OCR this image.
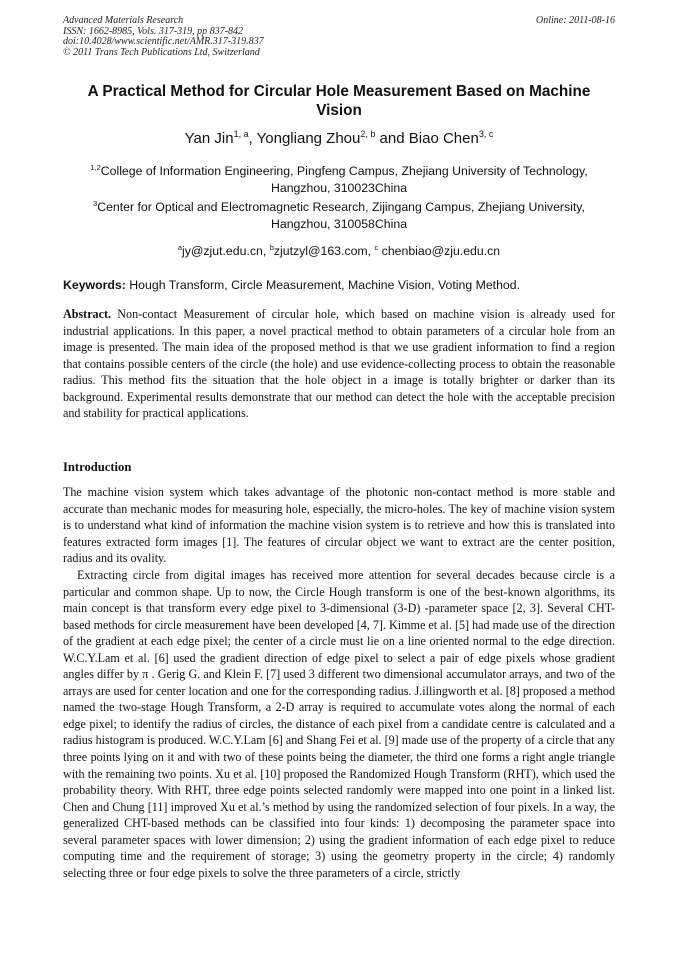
Advanced Materials Research
ISSN: 1662-8985, Vols. 317-319, pp 837-842
doi:10.4028/www.scientific.net/AMR.317-319.837
© 2011 Trans Tech Publications Ltd, Switzerland
Online: 2011-08-16
A Practical Method for Circular Hole Measurement Based on Machine Vision
Yan Jin$^{1, a}$, Yongliang Zhou$^{2, b}$ and Biao Chen$^{3, c}$
$^{1,2}$College of Information Engineering, Pingfeng Campus, Zhejiang University of Technology, Hangzhou, 310023China
$^3$Center for Optical and Electromagnetic Research, Zijingang Campus, Zhejiang University, Hangzhou, 310058China
$^a$jy@zjut.edu.cn, $^b$zjutzyl@163.com, $^c$ chenbiao@zju.edu.cn
Keywords: Hough Transform, Circle Measurement, Machine Vision, Voting Method.
Abstract. Non-contact Measurement of circular hole, which based on machine vision is already used for industrial applications. In this paper, a novel practical method to obtain parameters of a circular hole from an image is presented. The main idea of the proposed method is that we use gradient information to find a region that contains possible centers of the circle (the hole) and use evidence-collecting process to obtain the reasonable radius. This method fits the situation that the hole object in a image is totally brighter or darker than its background. Experimental results demonstrate that our method can detect the hole with the acceptable precision and stability for practical applications.
Introduction
The machine vision system which takes advantage of the photonic non-contact method is more stable and accurate than mechanic modes for measuring hole, especially, the micro-holes. The key of machine vision system is to understand what kind of information the machine vision system is to retrieve and how this is translated into features extracted form images [1]. The features of circular object we want to extract are the center position, radius and its ovality.
Extracting circle from digital images has received more attention for several decades because circle is a particular and common shape. Up to now, the Circle Hough transform is one of the best-known algorithms, its main concept is that transform every edge pixel to 3-dimensional (3-D) -parameter space [2, 3]. Several CHT-based methods for circle measurement have been developed [4, 7]. Kimme et al. [5] had made use of the direction of the gradient at each edge pixel; the center of a circle must lie on a line oriented normal to the edge direction. W.C.Y.Lam et al. [6] used the gradient direction of edge pixel to select a pair of edge pixels whose gradient angles differ by π . Gerig G. and Klein F. [7] used 3 different two dimensional accumulator arrays, and two of the arrays are used for center location and one for the corresponding radius. J.illingworth et al. [8] proposed a method named the two-stage Hough Transform, a 2-D array is required to accumulate votes along the normal of each edge pixel; to identify the radius of circles, the distance of each pixel from a candidate centre is calculated and a radius histogram is produced. W.C.Y.Lam [6] and Shang Fei et al. [9] made use of the property of a circle that any three points lying on it and with two of these points being the diameter, the third one forms a right angle triangle with the remaining two points. Xu et al. [10] proposed the Randomized Hough Transform (RHT), which used the probability theory. With RHT, three edge points selected randomly were mapped into one point in a linked list. Chen and Chung [11] improved Xu et al.’s method by using the randomized selection of four pixels. In a way, the generalized CHT-based methods can be classified into four kinds: 1) decomposing the parameter space into several parameter spaces with lower dimension; 2) using the gradient information of each edge pixel to reduce computing time and the requirement of storage; 3) using the geometry property in the circle; 4) randomly selecting three or four edge pixels to solve the three parameters of a circle, strictly
